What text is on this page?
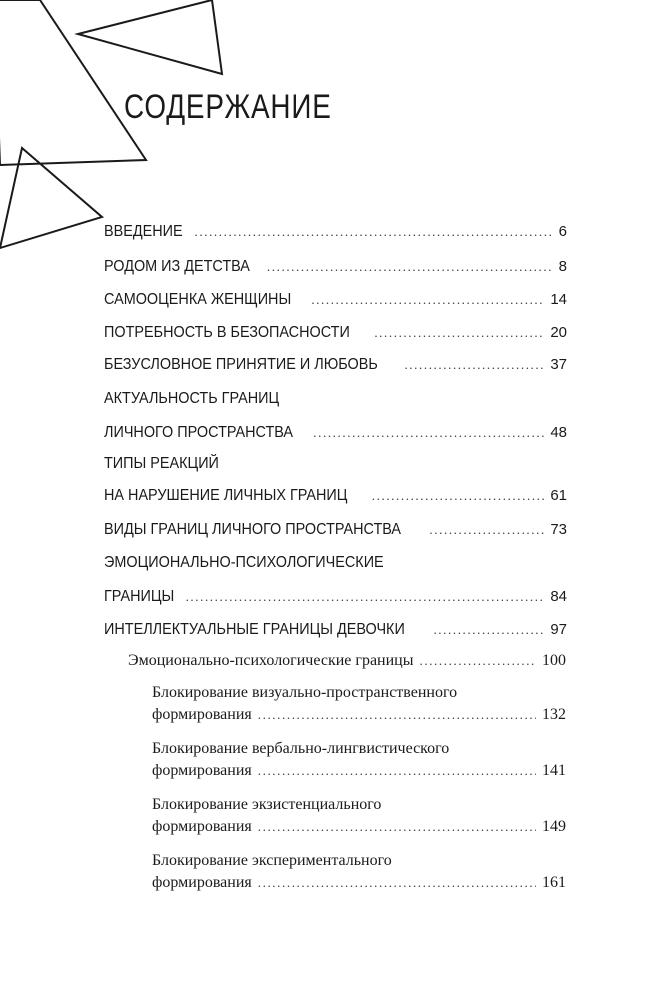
СОДЕРЖАНИЕ
ВВЕДЕНИЕ .....	6
РОДОМ ИЗ ДЕТСТВА .....	8
САМООЦЕНКА ЖЕНЩИНЫ .....	14
ПОТРЕБНОСТЬ В БЕЗОПАСНОСТИ .....	20
БЕЗУСЛОВНОЕ ПРИНЯТИЕ И ЛЮБОВЬ .....	37
АКТУАЛЬНОСТЬ ГРАНИЦ
ЛИЧНОГО ПРОСТРАНСТВА .....	48
ТИПЫ РЕАКЦИЙ
НА НАРУШЕНИЕ ЛИЧНЫХ ГРАНИЦ .....	61
ВИДЫ ГРАНИЦ ЛИЧНОГО ПРОСТРАНСТВА .....	73
ЭМОЦИОНАЛЬНО-ПСИХОЛОГИЧЕСКИЕ
ГРАНИЦЫ .....	84
ИНТЕЛЛЕКТУАЛЬНЫЕ ГРАНИЦЫ ДЕВОЧКИ .....	97
Эмоционально-психологические границы .....	100
Блокирование визуально-пространственного
формирования .....	132
Блокирование вербально-лингвистического
формирования .....	141
Блокирование экзистенциального
формирования .....	149
Блокирование экспериментального
формирования .....	161
